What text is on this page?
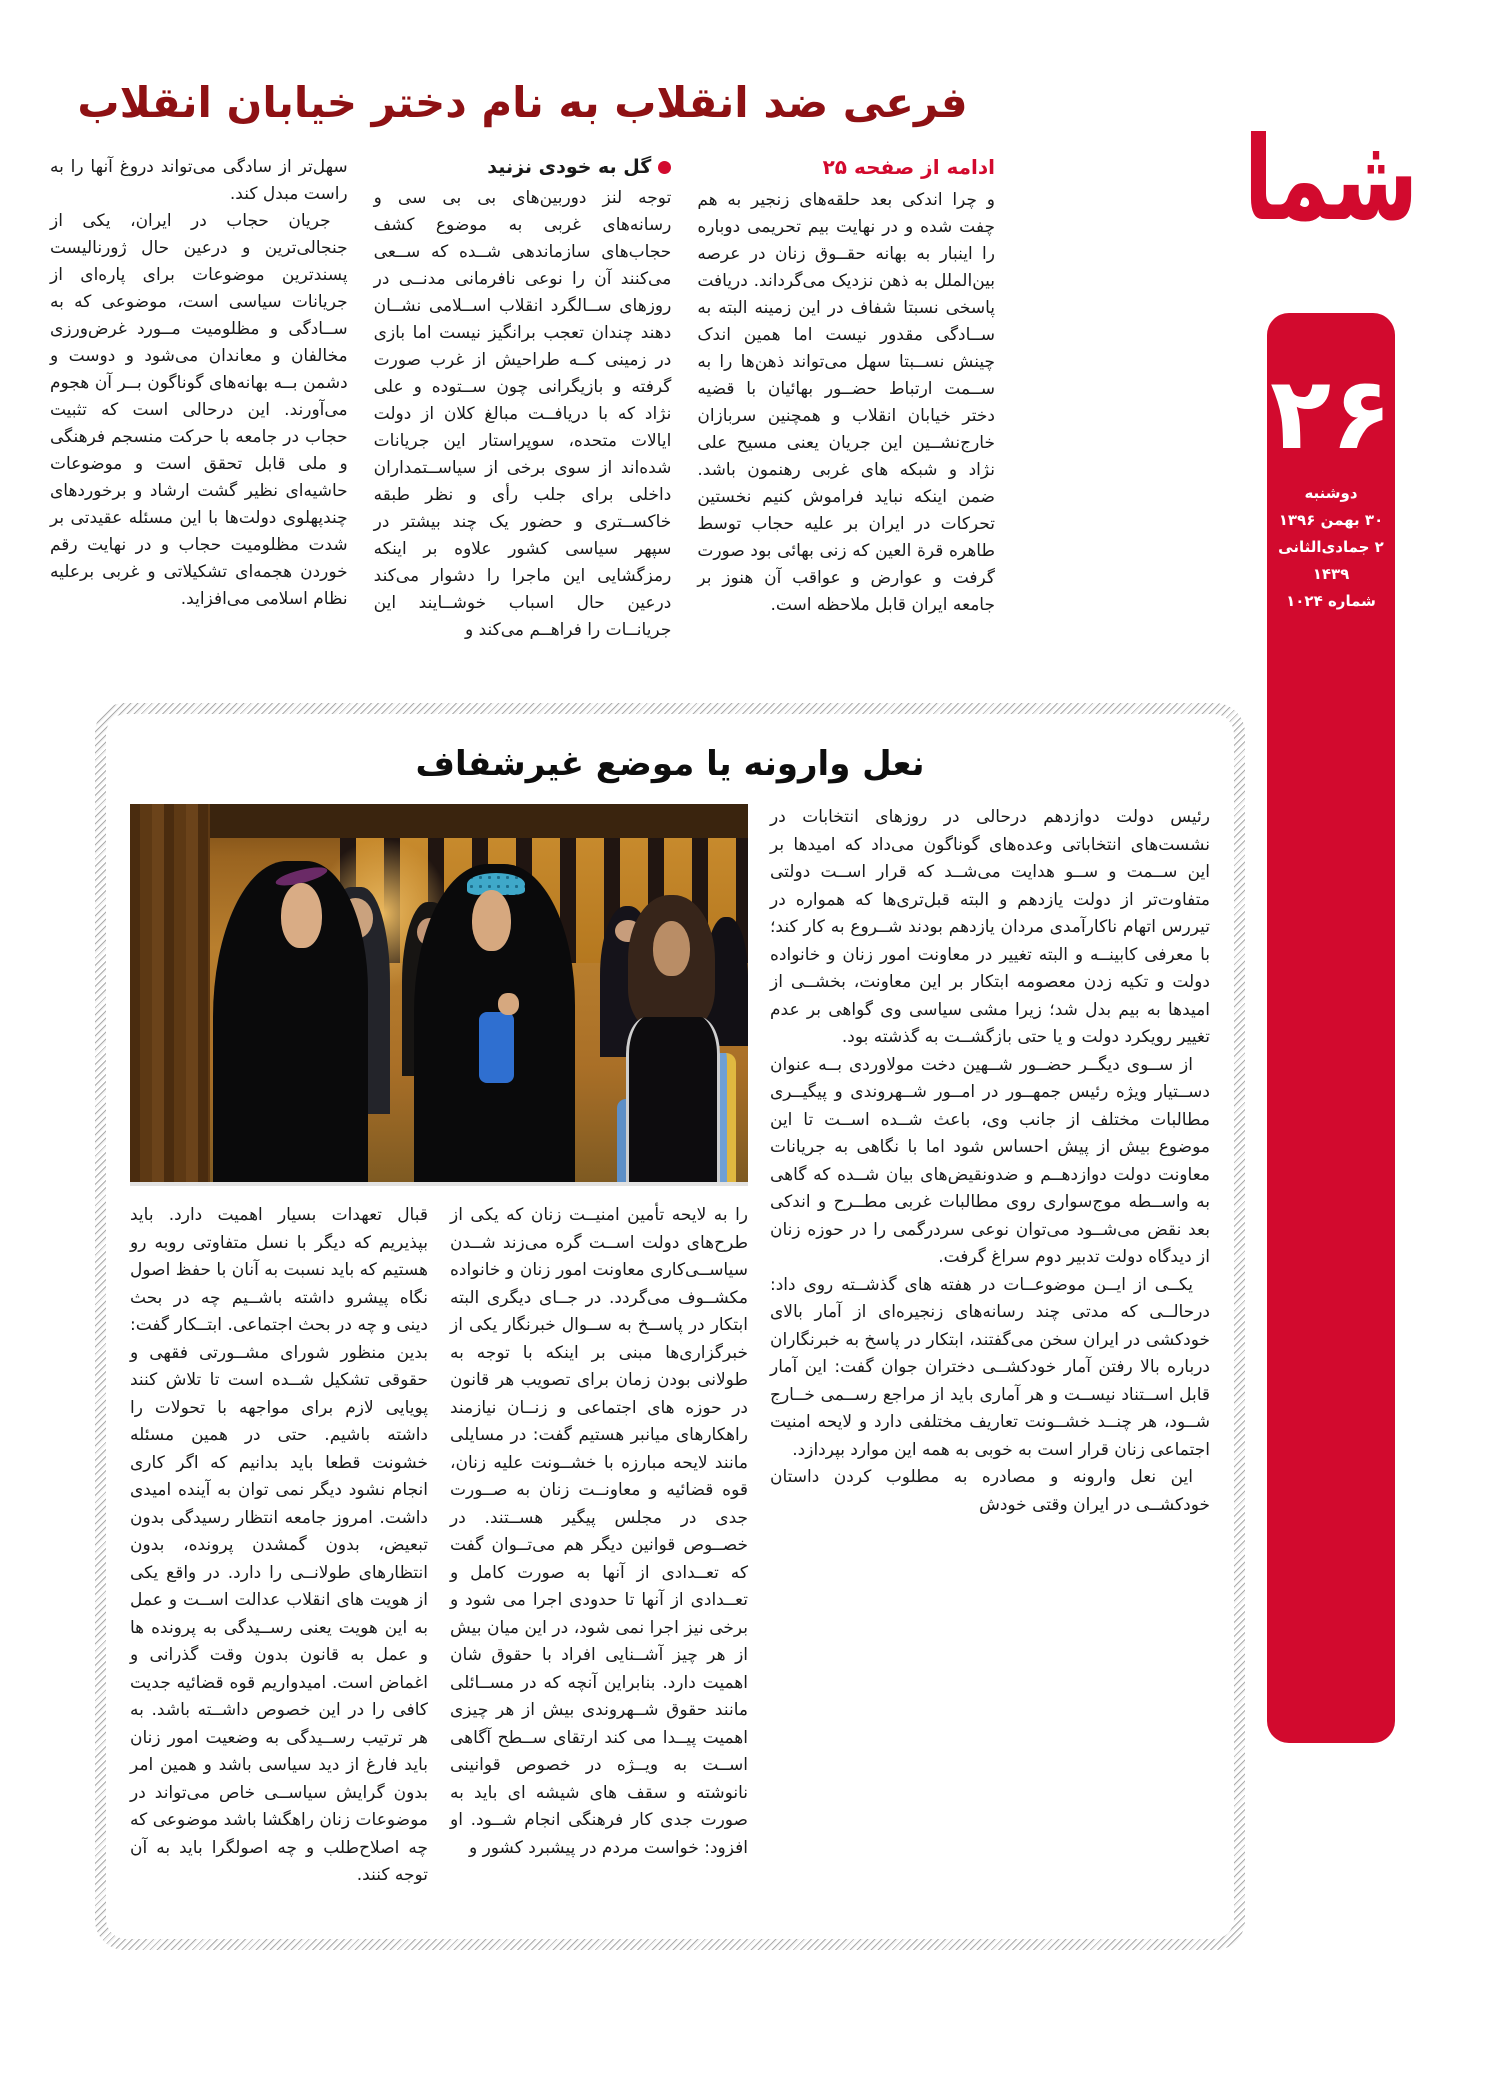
شما
۲۶
دوشنبه
۳۰ بهمن ۱۳۹۶
۲ جمادی‌الثانی ۱۴۳۹
شماره ۱۰۲۴
فرعی ضد انقلاب به نام دختر خیابان انقلاب

ادامه از صفحه ۲۵

و چرا اندکی بعد حلقه‌های زنجیر به هم چفت شده و در نهایت بیم تحریمی دوباره را اینبار به بهانه حقــوق زنان در عرصه بین‌الملل به ذهن نزدیک می‌گرداند. دریافت پاسخی نسبتا شفاف در این زمینه البته به ســادگی مقدور نیست اما همین اندک چینش نســبتا سهل می‌تواند ذهن‌ها را به ســمت ارتباط حضــور بهائیان با قضیه دختر خیابان انقلاب و همچنین سربازان خارج‌نشــین این جریان یعنی مسیح علی نژاد و شبکه های غربی رهنمون باشد. ضمن اینکه نباید فراموش کنیم نخستین تحرکات در ایران بر علیه حجاب توسط طاهره قرة العین که زنی بهائی بود صورت گرفت و عوارض و عواقب آن هنوز بر جامعه ایران قابل ملاحظه است.

گل به خودی نزنید

توجه لنز دوربین‌های بی بی سی و رسانه‌های غربی به موضوع کشف حجاب‌های سازماندهی شــده که ســعی می‌کنند آن را نوعی نافرمانی مدنــی در روزهای ســالگرد انقلاب اســلامی نشــان دهند چندان تعجب برانگیز نیست اما بازی در زمینی کــه طراحیش از غرب صورت گرفته و بازیگرانی چون ســتوده و علی نژاد که با دریافــت مبالغ کلان از دولت ایالات متحده، سوپراستار این جریانات شده‌اند از سوی برخی از سیاســتمداران داخلی برای جلب رأی و نظر طبقه خاکســتری و حضور یک چند بیشتر در سپهر سیاسی کشور علاوه بر اینکه رمزگشایی این ماجرا را دشوار می‌کند درعین حال اسباب خوشــایند این جریانــات را فراهــم می‌کند و

سهل‌تر از سادگی می‌تواند دروغ آنها را به راست مبدل کند.

جریان حجاب در ایران، یکی از جنجالی‌ترین و درعین حال ژورنالیست پسندترین موضوعات برای پاره‌ای از جریانات سیاسی است، موضوعی که به ســادگی و مظلومیت مــورد غرض‌ورزی مخالفان و معاندان می‌شود و دوست و دشمن بــه بهانه‌های گوناگون بــر آن هجوم می‌آورند. این درحالی است که تثبیت حجاب در جامعه با حرکت منسجم فرهنگی و ملی قابل تحقق است و موضوعات حاشیه‌ای نظیر گشت ارشاد و برخوردهای چندپهلوی دولت‌ها با این مسئله عقیدتی بر شدت مظلومیت حجاب و در نهایت رقم خوردن هجمه‌ای تشکیلاتی و غربی برعلیه نظام اسلامی می‌افزاید.

نعل وارونه یا موضع غیرشفاف

رئیس دولت دوازدهم درحالی در روزهای انتخابات در نشست‌های انتخاباتی وعده‌های گوناگون می‌داد که امیدها بر این ســمت و ســو هدایت می‌شــد که قرار اســت دولتی متفاوت‌تر از دولت یازدهم و البته قبل‌تری‌ها که همواره در تیررس اتهام ناکارآمدی مردان یازدهم بودند شــروع به کار کند؛ با معرفی کابینــه و البته تغییر در معاونت امور زنان و خانواده دولت و تکیه زدن معصومه ابتکار بر این معاونت، بخشــی از امیدها به بیم بدل شد؛ زیرا مشی سیاسی وی گواهی بر عدم تغییر رویکرد دولت و یا حتی بازگشــت به گذشته بود.

از ســوی دیگــر حضــور شــهین دخت مولاوردی بــه عنوان دســتیار ویژه رئیس جمهــور در امــور شــهروندی و پیگیــری مطالبات مختلف از جانب وی، باعث شــده اســت تا این موضوع بیش از پیش احساس شود اما با نگاهی به جریانات معاونت دولت دوازدهــم و ضدونقیض‌های بیان شــده که گاهی به واســطه موج‌سواری روی مطالبات غربی مطــرح و اندکی بعد نقض می‌شــود می‌توان نوعی سردرگمی را در حوزه زنان از دیدگاه دولت تدبیر دوم سراغ گرفت.

یکــی از ایــن موضوعــات در هفته های گذشــته روی داد: درحالــی که مدتی چند رسانه‌های زنجیره‌ای از آمار بالای خودکشی در ایران سخن می‌گفتند، ابتکار در پاسخ به خبرنگاران درباره بالا رفتن آمار خودکشــی دختران جوان گفت: این آمار قابل اســتناد نیســت و هر آماری باید از مراجع رســمی خــارج شــود، هر چنــد خشــونت تعاریف مختلفی دارد و لایحه امنیت اجتماعی زنان قرار است به خوبی به همه این موارد بپردازد.

این نعل وارونه و مصادره به مطلوب کردن داستان خودکشــی در ایران وقتی خودش

را به لایحه تأمین امنیــت زنان که یکی از طرح‌های دولت اســت گره می‌زند شــدن سیاســی‌کاری معاونت امور زنان و خانواده مکشــوف می‌گردد. در جــای دیگری البته ابتکار در پاســخ به ســوال خبرنگار یکی از خبرگزاری‌ها مبنی بر اینکه با توجه به طولانی بودن زمان برای تصویب هر قانون در حوزه های اجتماعی و زنــان نیازمند راهکارهای میانبر هستیم گفت: در مسایلی مانند لایحه مبارزه با خشــونت علیه زنان، قوه قضائیه و معاونــت زنان به صــورت جدی در مجلس پیگیر هســتند. در خصــوص قوانین دیگر هم می‌تــوان گفت که تعــدادی از آنها به صورت کامل و تعــدادی از آنها تا حدودی اجرا می شود و برخی نیز اجرا نمی شود، در این میان بیش از هر چیز آشــنایی افراد با حقوق شان اهمیت دارد. بنابراین آنچه که در مســائلی مانند حقوق شــهروندی بیش از هر چیزی اهمیت پیــدا می کند ارتقای ســطح آگاهی اســت به ویــژه در خصوص قوانینی نانوشته و سقف های شیشه ای باید به صورت جدی کار فرهنگی انجام شــود. او افزود: خواست مردم در پیشبرد کشور و

قبال تعهدات بسیار اهمیت دارد. باید بپذیریم که دیگر با نسل متفاوتی روبه رو هستیم که باید نسبت به آنان با حفظ اصول نگاه پیشرو داشته باشــیم چه در بحث دینی و چه در بحث اجتماعی. ابتــکار گفت: بدین منظور شورای مشــورتی فقهی و حقوقی تشکیل شــده است تا تلاش کنند پویایی لازم برای مواجهه با تحولات را داشته باشیم. حتی در همین مسئله خشونت قطعا باید بدانیم که اگر کاری انجام نشود دیگر نمی توان به آینده امیدی داشت. امروز جامعه انتظار رسیدگی بدون تبعیض، بدون گمشدن پرونده، بدون انتظارهای طولانــی را دارد. در واقع یکی از هویت های انقلاب عدالت اســت و عمل به این هویت یعنی رســیدگی به پرونده ها و عمل به قانون بدون وقت گذرانی و اغماض است. امیدواریم قوه قضائیه جدیت کافی را در این خصوص داشــته باشد. به هر ترتیب رســیدگی به وضعیت امور زنان باید فارغ از دید سیاسی باشد و همین امر بدون گرایش سیاســی خاص می‌تواند در موضوعات زنان راهگشا باشد موضوعی که چه اصلاح‌طلب و چه اصولگرا باید به آن توجه کنند.
